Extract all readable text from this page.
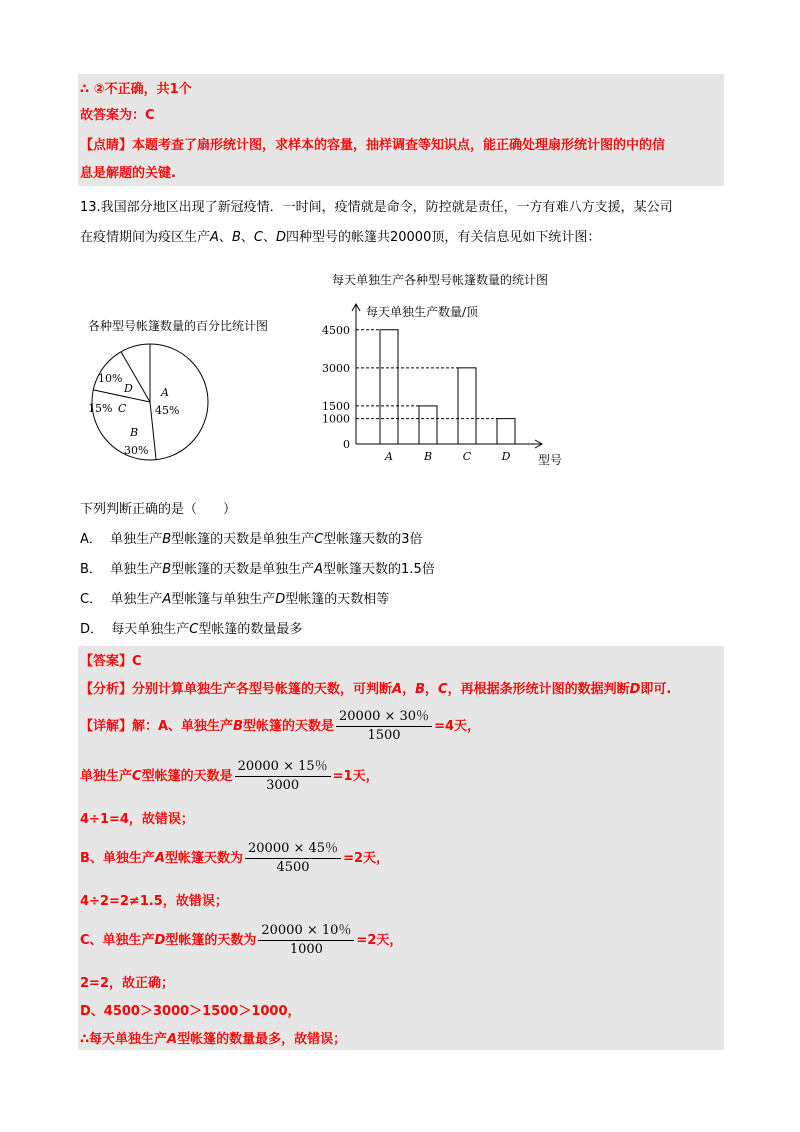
∴ ②不正确，共1个
故答案为：C
【点睛】本题考查了扇形统计图，求样本的容量，抽样调查等知识点，能正确处理扇形统计图的中的信
息是解题的关键.
13.我国部分地区出现了新冠疫情．一时间，疫情就是命令，防控就是责任，一方有难八方支援，某公司
在疫情期间为疫区生产A、B、C、D四种型号的帐篷共20000顶，有关信息见如下统计图：
各种型号帐篷数量的百分比统计图
10%
D
15% C
A
45%
B
30%
每天单独生产各种型号帐篷数量的统计图
每天单独生产数量/顶
型号
0
1000
1500
3000
4500
A	B	C	D
下列判断正确的是（　　）
A． 单独生产B型帐篷的天数是单独生产C型帐篷天数的3倍
B． 单独生产B型帐篷的天数是单独生产A型帐篷天数的1.5倍
C． 单独生产A型帐篷与单独生产D型帐篷的天数相等
D． 每天单独生产C型帐篷的数量最多
【答案】C
【分析】分别计算单独生产各型号帐篷的天数，可判断A，B，C，再根据条形统计图的数据判断D即可.
【详解】解：A、单独生产B型帐篷的天数是 $\frac{20000 \times 30\%}{1500} =4$天，
单独生产C型帐篷的天数是 $\frac{20000 \times 15\%}{3000} =1$天，
4÷1=4，故错误；
B、单独生产A型帐篷天数为 $\frac{20000 \times 45\%}{4500} =2$天，
4÷2=2≠1.5，故错误；
C、单独生产D型帐篷的天数为 $\frac{20000 \times 10\%}{1000} =2$天，
2=2，故正确；
D、4500＞3000＞1500＞1000，
∴每天单独生产A型帐篷的数量最多，故错误；
